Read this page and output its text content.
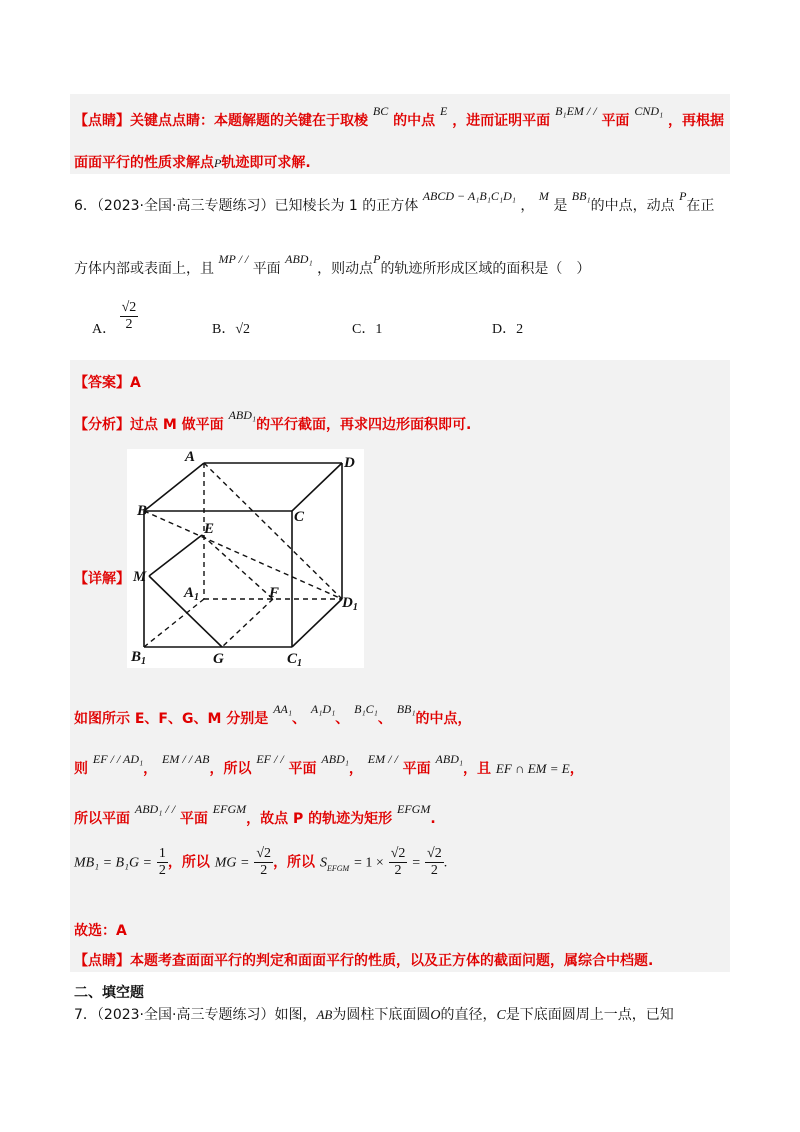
【点睛】关键点点睛：本题解题的关键在于取棱 BC 的中点 E ，进而证明平面 B₁EM / / 平面 CND₁ ，再根据
面面平行的性质求解点P轨迹即可求解.
6．（2023·全国·高三专题练习）已知棱长为 1 的正方体 ABCD − A₁B₁C₁D₁ ， M 是 BB₁的中点，动点 P在正
方体内部或表面上，且 MP / / 平面 ABD₁ ，则动点P的轨迹所形成区域的面积是（　）
A． $\frac{√2}{2}$	B．√2	C．1	D．2
【答案】A
【分析】过点 M 做平面 ABD₁的平行截面，再求四边形面积即可.
【详解】
A	D
B	C
E
M
$A_1$	F
$D_1$
$B_1$	G	$C_1$
如图所示 E、F、G、M 分别是 AA₁、 A₁D₁、 B₁C₁、 BB₁的中点，
则 EF / / AD₁， EM / / AB，所以 EF / / 平面 ABD₁， EM / / 平面 ABD₁，且 EF ∩ EM = E，
所以平面 ABD₁ / / 平面 EFGM，故点 P 的轨迹为矩形 EFGM.
$MB_1 = B_1G = \frac{1}{2}$ ，所以 MG = $\frac{√2}{2}$ ，所以 $S_{EFGM} = 1 \times \frac{√2}{2} = \frac{√2}{2}$ .
故选：A
【点睛】本题考查面面平行的判定和面面平行的性质，以及正方体的截面问题，属综合中档题.
二、填空题
7．（2023·全国·高三专题练习）如图，AB为圆柱下底面圆O的直径，C是下底面圆周上一点，已知
